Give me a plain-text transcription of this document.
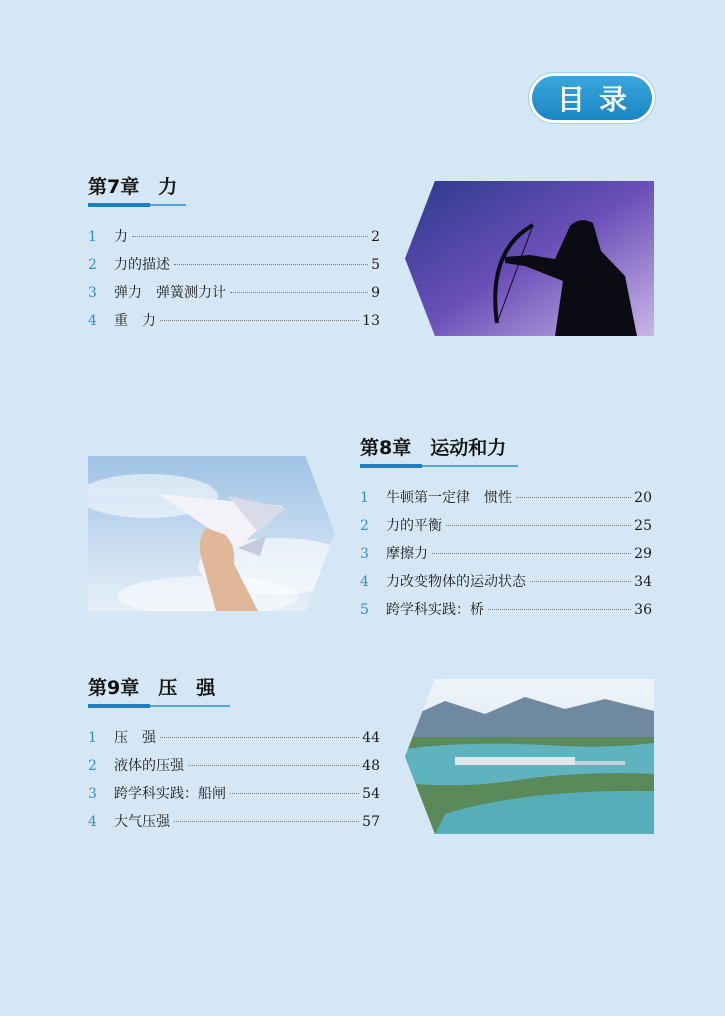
目录
第7章　力
1	力	2
2	力的描述	5
3	弹力　弹簧测力计	9
4	重　力	13
第8章　运动和力
1	牛顿第一定律　惯性	20
2	力的平衡	25
3	摩擦力	29
4	力改变物体的运动状态	34
5	跨学科实践：桥	36
第9章　压　强
1	压　强	44
2	液体的压强	48
3	跨学科实践：船闸	54
4	大气压强	57
